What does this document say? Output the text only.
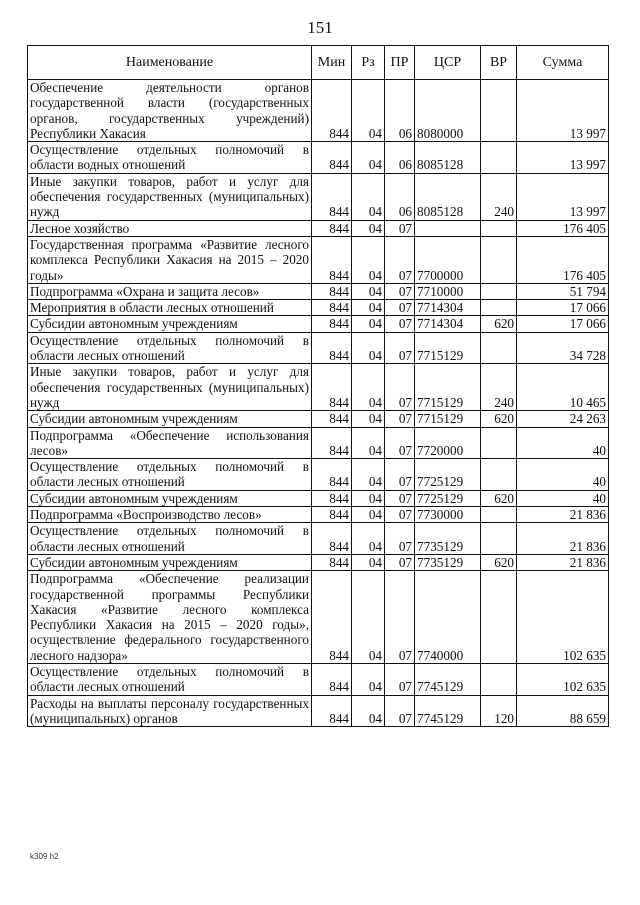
151
Наименование	Мин	Рз	ПР	ЦСР	ВР	Сумма
Обеспечение деятельности органов государственной власти (государственных органов, государственных учреждений) Республики Хакасия	844	04	06	8080000		13 997
Осуществление отдельных полномочий в области водных отношений	844	04	06	8085128		13 997
Иные закупки товаров, работ и услуг для обеспечения государственных (муниципальных) нужд	844	04	06	8085128	240	13 997
Лесное хозяйство	844	04	07			176 405
Государственная программа «Развитие лесного комплекса Республики Хакасия на 2015 – 2020 годы»	844	04	07	7700000		176 405
Подпрограмма «Охрана и защита лесов»	844	04	07	7710000		51 794
Мероприятия в области лесных отношений	844	04	07	7714304		17 066
Субсидии автономным учреждениям	844	04	07	7714304	620	17 066
Осуществление отдельных полномочий в области лесных отношений	844	04	07	7715129		34 728
Иные закупки товаров, работ и услуг для обеспечения государственных (муниципальных) нужд	844	04	07	7715129	240	10 465
Субсидии автономным учреждениям	844	04	07	7715129	620	24 263
Подпрограмма «Обеспечение использования лесов»	844	04	07	7720000		40
Осуществление отдельных полномочий в области лесных отношений	844	04	07	7725129		40
Субсидии автономным учреждениям	844	04	07	7725129	620	40
Подпрограмма «Воспроизводство лесов»	844	04	07	7730000		21 836
Осуществление отдельных полномочий в области лесных отношений	844	04	07	7735129		21 836
Субсидии автономным учреждениям	844	04	07	7735129	620	21 836
Подпрограмма «Обеспечение реализации государственной программы Республики Хакасия «Развитие лесного комплекса Республики Хакасия на 2015 – 2020 годы», осуществление федерального государственного лесного надзора»	844	04	07	7740000		102 635
Осуществление отдельных полномочий в области лесных отношений	844	04	07	7745129		102 635
Расходы на выплаты персоналу государственных (муниципальных) органов	844	04	07	7745129	120	88 659
k309 h2
